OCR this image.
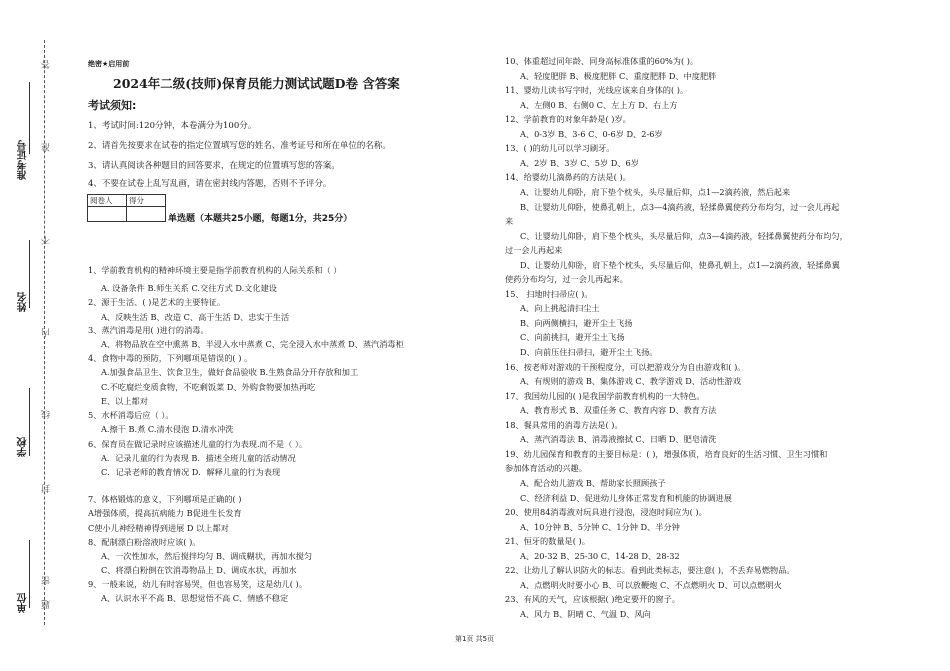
准考证号
姓名
学校
单位
答
准
不
内
线
封
密
题
绝密★启用前
2024年二级(技师)保育员能力测试试题D卷 含答案
考试须知:
1、考试时间:120分钟，本卷满分为100分。
2、请首先按要求在试卷的指定位置填写您的姓名、准考证号和所在单位的名称。
3、请认真阅读各种题目的回答要求，在规定的位置填写您的答案。
4、不要在试卷上乱写乱画，请在密封线内答题，否则不予评分。
阅卷人	得分

单选题（本题共25小题，每题1分，共25分）
1、学前教育机构的精神环境主要是指学前教育机构的人际关系和（ ）
A. 设备条件 B.师生关系 C.交往方式 D.文化建设
2、源于生活、( )是艺术的主要特征。
A、反映生活 B、改造 C、高于生活 D、忠实于生活
3、蒸汽消毒是用( )进行的消毒。
A、将物品放在空中熏蒸 B、半浸入水中蒸煮 C、完全浸入水中蒸煮 D、蒸汽消毒柜
4、食物中毒的预防，下列哪项是错误的( ) 。
A.加强食品卫生、饮食卫生，做好食品验收 B.生熟食品分开存放和加工
C.不吃腐烂变质食物，不吃剩饭菜 D、外购食物要加热再吃
E、以上都对
5、水杯消毒后应（ ）。
A.擦干 B.煮 C.清水侵泡 D.清水冲洗
6、保育员在做记录时应该描述儿童的行为表现.而不是（ ）。
A．记录儿童的行为表现 B．描述全班儿童的活动情况
C．记录老师的教育情况 D．解释儿童的行为表现
7、体格锻炼的意义，下列哪项是正确的( )
A增强体质，提高抗病能力 B促进生长发育
C使小儿神经精神得到进展 D 以上都对
8、配制漂白粉溶液时应该( )。
A、一次性加水，然后搅拌均匀 B、调成糊状，再加水搅匀
C、将漂白粉倒在饮消毒物品上 D、调成水状，再加水
9、一般来说，幼儿有时容易哭，但也容易笑，这是幼儿( )。
A、认识水平不高 B、思想觉悟不高 C、情感不稳定
10、体重超过同年龄、同身高标准体重的60%为( )。
A、轻度肥胖 B、极度肥胖 C、重度肥胖 D、中度肥胖
11、婴幼儿读书写字时，光线应该来自身体的( )。
A、左侧0 B、右侧0 C、左上方 D、右上方
12、学前教育的对象年龄是( )岁。
A、0-3岁 B、3-6 C、0-6岁 D、2-6岁
13、( )的幼儿可以学习刷牙。
A、2岁 B、3岁 C、5岁 D、6岁
14、给婴幼儿滴鼻药的方法是( )。
A、让婴幼儿仰卧，肩下垫个枕头，头尽量后仰，点1—2滴药液，然后起来
B、让婴幼儿仰卧，使鼻孔朝上，点3—4滴药液，轻揉鼻翼使药分布均匀，过一会儿再起
来
C、让婴幼儿仰卧，肩下垫个枕头，头尽量后仰，点3—4滴药液，轻揉鼻翼使药分布均匀，
过一会儿再起来
D、让婴幼儿仰卧，肩下垫个枕头，头尽量后仰，使鼻孔朝上，点1—2滴药液，轻揉鼻翼
使药分布均匀，过一会儿再起来。
15、 扫地时扫帚应( )。
A、向上挑起清扫尘土
B、向两侧横扫，避开尘土飞扬
C、向前挑扫，避开尘土飞扬
D、向前压住扫帚扫，避开尘土飞扬。
16、按老师对游戏的干预程度分，可以把游戏分为自由游戏和( )。
A、有规则的游戏 B、集体游戏 C、教学游戏 D、活动性游戏
17、我国幼儿园的( )是我国学前教育机构的一大特色。
A、教育形式 B、双重任务 C、教育内容 D、教育方法
18、餐具常用的消毒方法是( )。
A、蒸汽消毒法 B、消毒液擦拭 C、日晒 D、肥皂清洗
19、幼儿园保育和教育的主要目标是：( )，增强体质，培育良好的生活习惯、卫生习惯和
参加体育活动的兴趣。
A、配合幼儿游戏 B、帮助家长照顾孩子
C、经济利益 D、促进幼儿身体正常发育和机能的协调进展
20、使用84消毒液对玩具进行浸泡，浸泡时间应为( )。
A、10分钟 B、5分钟 C、1分钟 D、半分钟
21、恒牙的数量是( )。
A、20-32 B、25-30 C、14-28 D、28-32
22、让幼儿了解认识防火的标志。看到此类标志，要注意( )，不丢弃易燃物品。
A、点燃明火时要小心 B、可以放鞭炮 C、不点燃明火 D、可以点燃明火
23、有风的天气，应该根据( )绝定要开的窗子。
A、风力 B、阴晴 C、气温 D、风向
第1页 共5页
